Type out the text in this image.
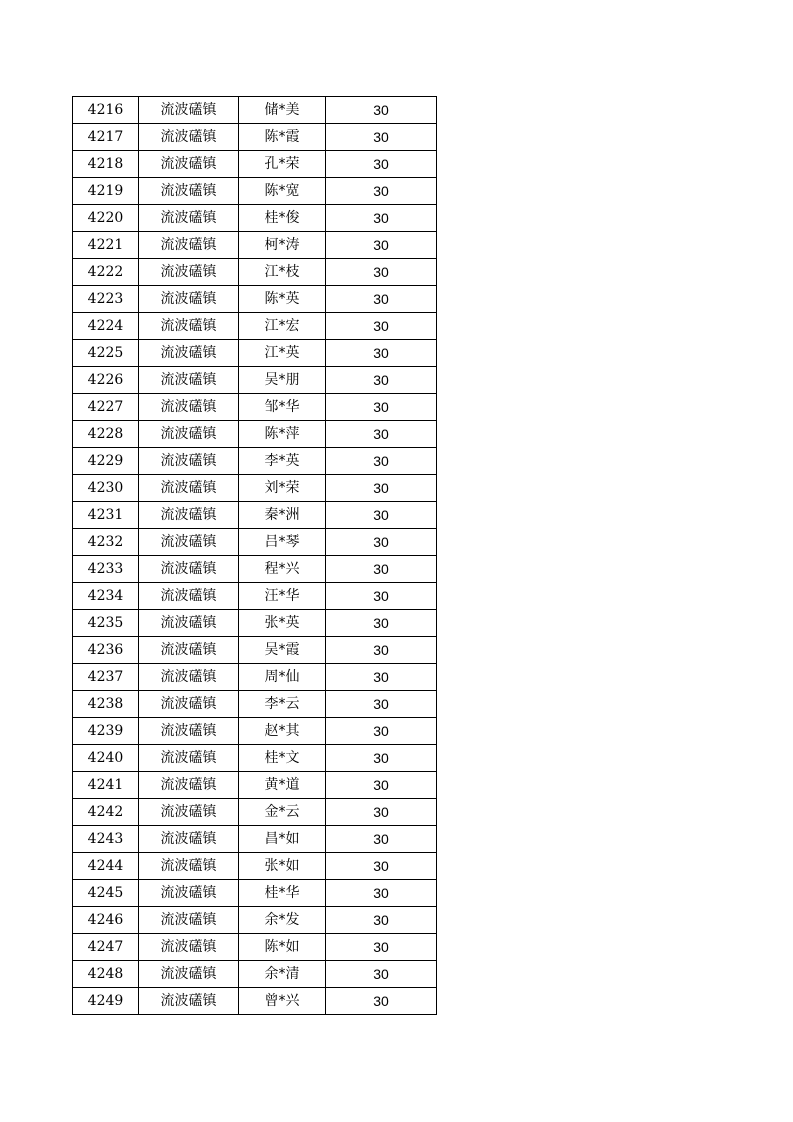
4216	流波礚镇	储*美	30
4217	流波礚镇	陈*霞	30
4218	流波礚镇	孔*荣	30
4219	流波礚镇	陈*宽	30
4220	流波礚镇	桂*俊	30
4221	流波礚镇	柯*涛	30
4222	流波礚镇	江*枝	30
4223	流波礚镇	陈*英	30
4224	流波礚镇	江*宏	30
4225	流波礚镇	江*英	30
4226	流波礚镇	吴*朋	30
4227	流波礚镇	邹*华	30
4228	流波礚镇	陈*萍	30
4229	流波礚镇	李*英	30
4230	流波礚镇	刘*荣	30
4231	流波礚镇	秦*洲	30
4232	流波礚镇	吕*琴	30
4233	流波礚镇	程*兴	30
4234	流波礚镇	汪*华	30
4235	流波礚镇	张*英	30
4236	流波礚镇	吴*霞	30
4237	流波礚镇	周*仙	30
4238	流波礚镇	李*云	30
4239	流波礚镇	赵*其	30
4240	流波礚镇	桂*文	30
4241	流波礚镇	黄*道	30
4242	流波礚镇	金*云	30
4243	流波礚镇	昌*如	30
4244	流波礚镇	张*如	30
4245	流波礚镇	桂*华	30
4246	流波礚镇	余*发	30
4247	流波礚镇	陈*如	30
4248	流波礚镇	余*清	30
4249	流波礚镇	曾*兴	30
